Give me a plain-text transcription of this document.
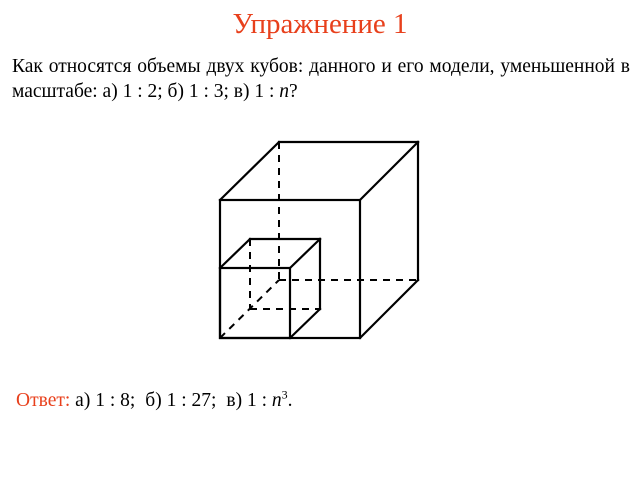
Упражнение 1
Как относятся объемы двух кубов: данного и его модели, уменьшенной в масштабе: а) 1 : 2; б) 1 : 3; в) 1 : n?
Ответ: а) 1 : 8; б) 1 : 27; в) 1 : $n^3$.
